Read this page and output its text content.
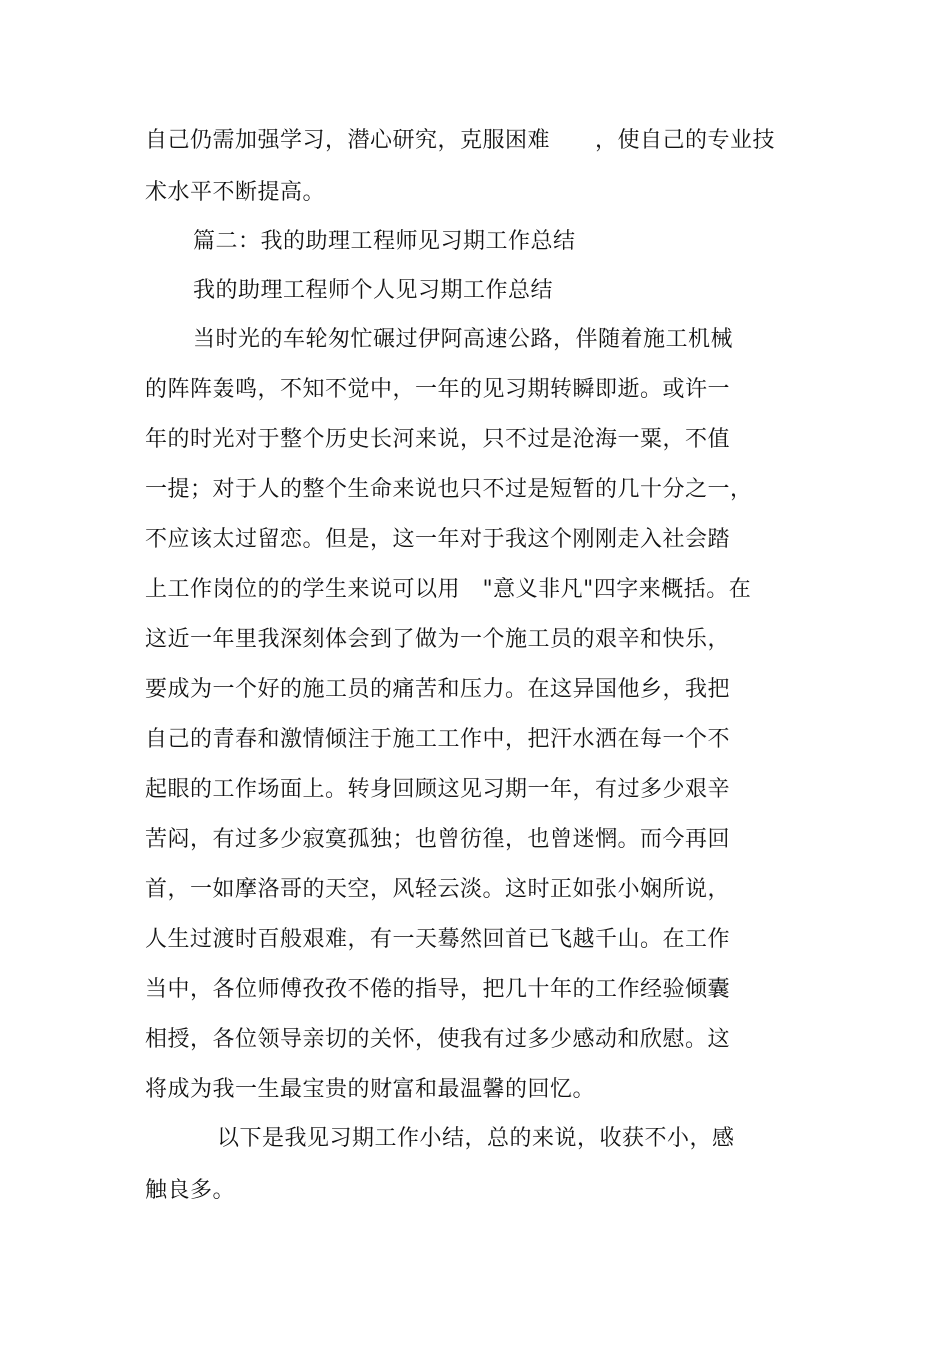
自己仍需加强学习，潜心研究，克服困难　　，使自己的专业技
术水平不断提高。
篇二：我的助理工程师见习期工作总结
我的助理工程师个人见习期工作总结
当时光的车轮匆忙碾过伊阿高速公路，伴随着施工机械
的阵阵轰鸣，不知不觉中，一年的见习期转瞬即逝。或许一
年的时光对于整个历史长河来说，只不过是沧海一粟，不值
一提；对于人的整个生命来说也只不过是短暂的几十分之一，
不应该太过留恋。但是，这一年对于我这个刚刚走入社会踏
上工作岗位的的学生来说可以用　"意义非凡"四字来概括。在
这近一年里我深刻体会到了做为一个施工员的艰辛和快乐，
要成为一个好的施工员的痛苦和压力。在这异国他乡，我把
自己的青春和激情倾注于施工工作中，把汗水洒在每一个不
起眼的工作场面上。转身回顾这见习期一年，有过多少艰辛
苦闷，有过多少寂寞孤独；也曾彷徨，也曾迷惘。而今再回
首，一如摩洛哥的天空，风轻云淡。这时正如张小娴所说，
人生过渡时百般艰难，有一天蓦然回首已飞越千山。在工作
当中，各位师傅孜孜不倦的指导，把几十年的工作经验倾囊
相授，各位领导亲切的关怀，使我有过多少感动和欣慰。这
将成为我一生最宝贵的财富和最温馨的回忆。
以下是我见习期工作小结，总的来说，收获不小，感
触良多。
